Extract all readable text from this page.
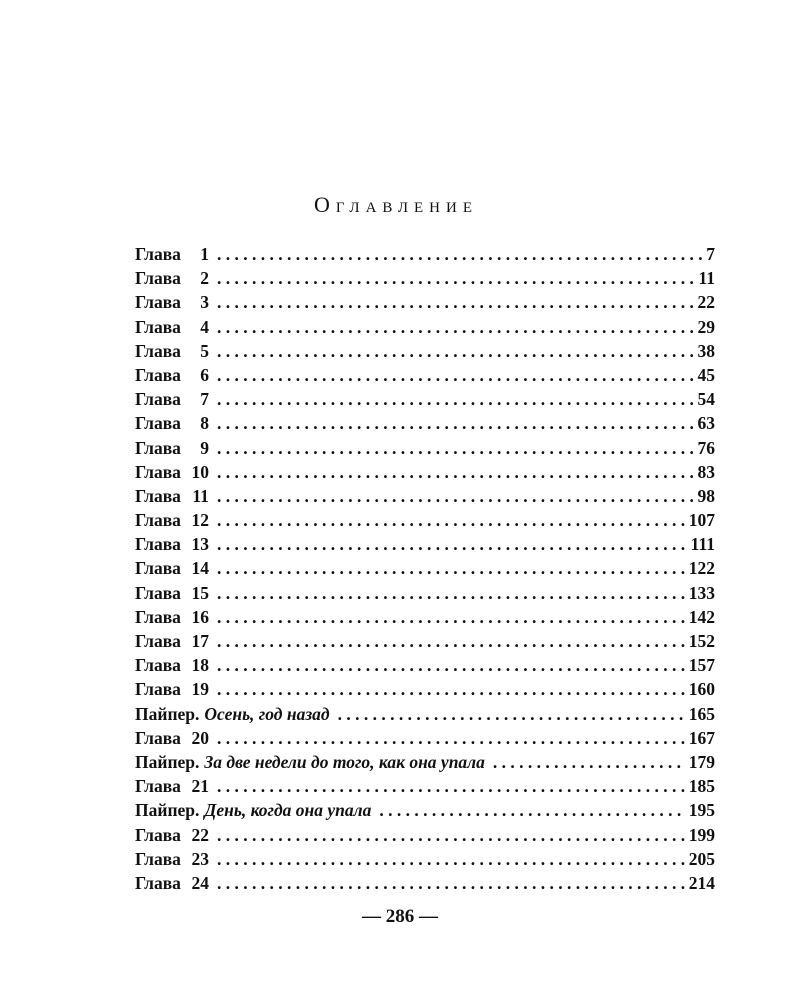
Оглавление
Глава	1 . . .	7
Глава	2 . . .	11
Глава	3 . . .	22
Глава	4 . . .	29
Глава	5 . . .	38
Глава	6 . . .	45
Глава	7 . . .	54
Глава	8 . . .	63
Глава	9 . . .	76
Глава 10 . . .	83
Глава 11 . . .	98
Глава 12 . . .	107
Глава 13 . . .	111
Глава 14 . . .	122
Глава 15 . . .	133
Глава 16 . . .	142
Глава 17 . . .	152
Глава 18 . . .	157
Глава 19 . . .	160
Пайпер. Осень, год назад . . .	165
Глава 20 . . .	167
Пайпер. За две недели до того, как она упала . . .	179
Глава 21 . . .	185
Пайпер. День, когда она упала . . .	195
Глава 22 . . .	199
Глава 23 . . .	205
Глава 24 . . .	214

— 286 —
